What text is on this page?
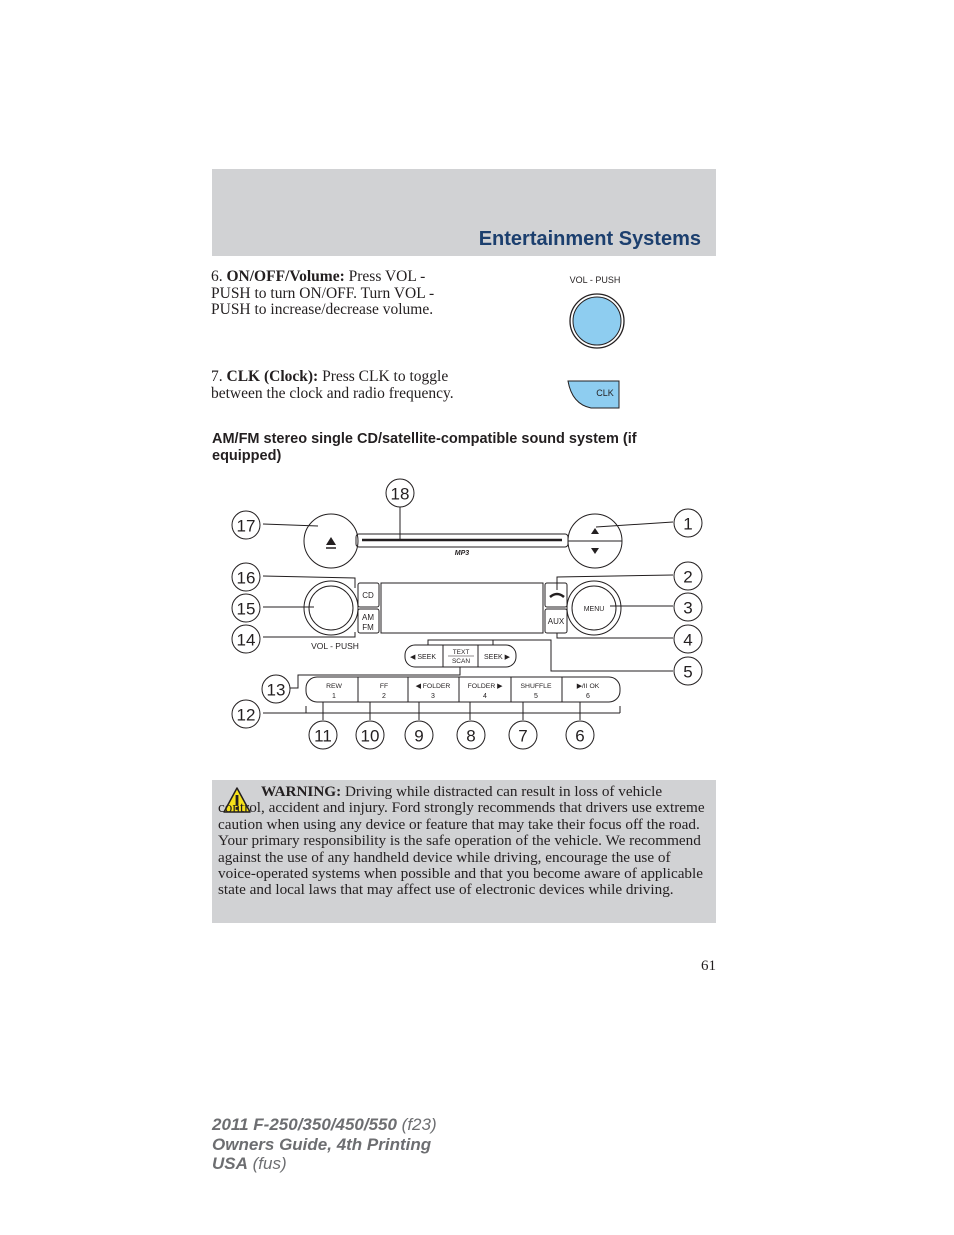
Entertainment Systems
6. ON/OFF/Volume: Press VOL - PUSH to turn ON/OFF. Turn VOL - PUSH to increase/decrease volume.
7. CLK (Clock): Press CLK to toggle between the clock and radio frequency.
VOL - PUSH
CLK
AM/FM stereo single CD/satellite-compatible sound system (if equipped)
MP3
CD
AM
FM
VOL - PUSH
MENU
AUX
◀ SEEK
TEXT
SCAN
SEEK ▶
REW
1
FF
2
◀ FOLDER
3
FOLDER ▶
4
SHUFFLE
5
▶/II OK
6
1
2
3
4
5
6
7
8
9
10
11
12
13
14
15
16
17
18
WARNING: Driving while distracted can result in loss of vehicle control, accident and injury. Ford strongly recommends that drivers use extreme caution when using any device or feature that may take their focus off the road. Your primary responsibility is the safe operation of the vehicle. We recommend against the use of any handheld device while driving, encourage the use of voice-operated systems when possible and that you become aware of applicable state and local laws that may affect use of electronic devices while driving.
61
2011 F-250/350/450/550 (f23)
Owners Guide, 4th Printing
USA (fus)
